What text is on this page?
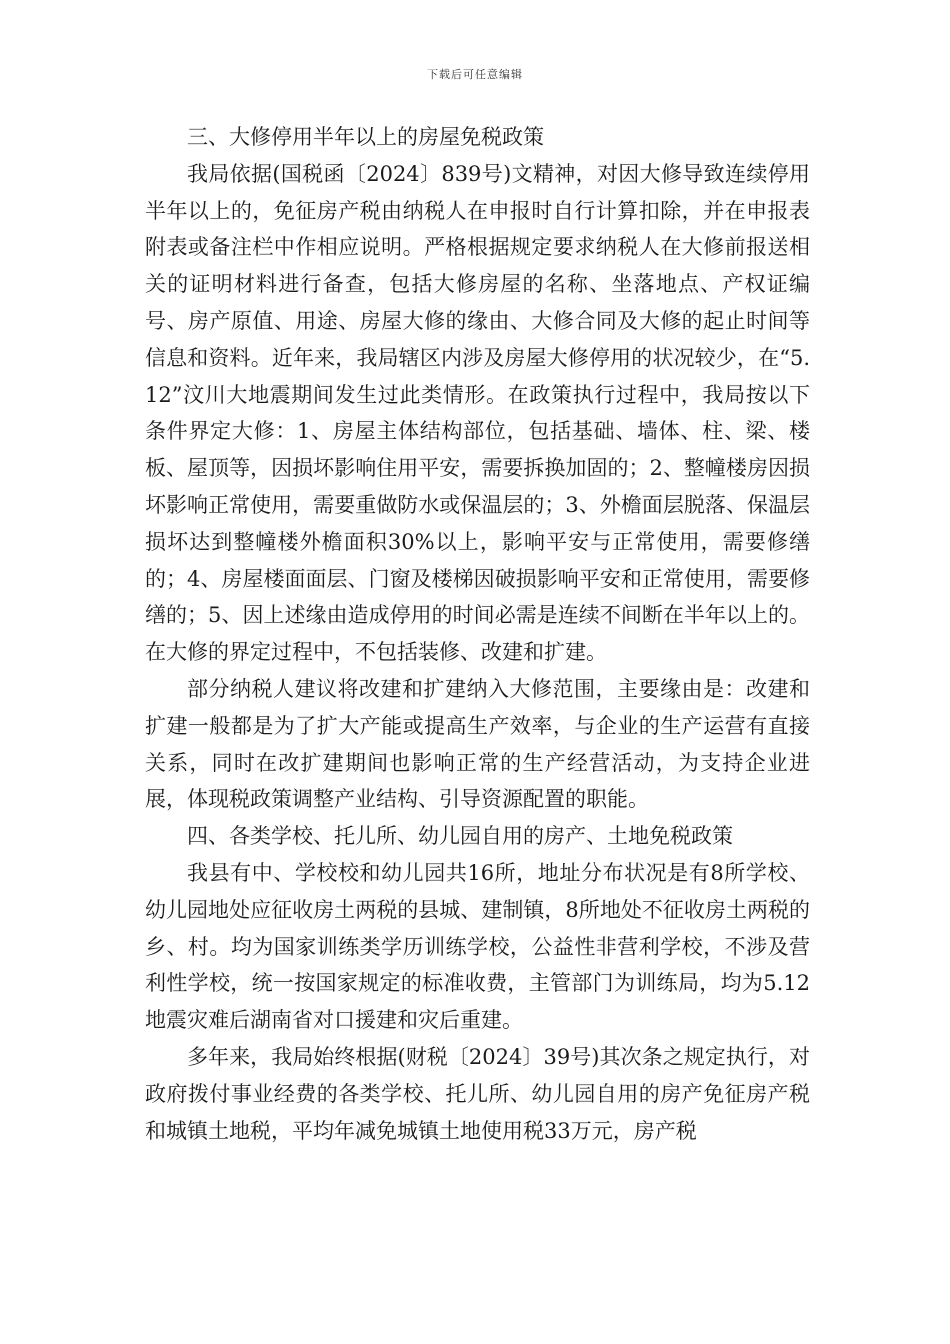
下载后可任意编辑

三、大修停用半年以上的房屋免税政策

我局依据(国税函〔2024〕839号)文精神，对因大修导致连续停用半年以上的，免征房产税由纳税人在申报时自行计算扣除，并在申报表附表或备注栏中作相应说明。严格根据规定要求纳税人在大修前报送相关的证明材料进行备查，包括大修房屋的名称、坐落地点、产权证编号、房产原值、用途、房屋大修的缘由、大修合同及大修的起止时间等信息和资料。近年来，我局辖区内涉及房屋大修停用的状况较少，在“5.12”汶川大地震期间发生过此类情形。在政策执行过程中，我局按以下条件界定大修：1、房屋主体结构部位，包括基础、墙体、柱、梁、楼板、屋顶等，因损坏影响住用平安，需要拆换加固的；2、整幢楼房因损坏影响正常使用，需要重做防水或保温层的；3、外檐面层脱落、保温层损坏达到整幢楼外檐面积30%以上，影响平安与正常使用，需要修缮的；4、房屋楼面面层、门窗及楼梯因破损影响平安和正常使用，需要修缮的；5、因上述缘由造成停用的时间必需是连续不间断在半年以上的。在大修的界定过程中，不包括装修、改建和扩建。

部分纳税人建议将改建和扩建纳入大修范围，主要缘由是：改建和扩建一般都是为了扩大产能或提高生产效率，与企业的生产运营有直接关系，同时在改扩建期间也影响正常的生产经营活动，为支持企业进展，体现税政策调整产业结构、引导资源配置的职能。

四、各类学校、托儿所、幼儿园自用的房产、土地免税政策

我县有中、学校校和幼儿园共16所，地址分布状况是有8所学校、幼儿园地处应征收房土两税的县城、建制镇，8所地处不征收房土两税的乡、村。均为国家训练类学历训练学校，公益性非营利学校，不涉及营利性学校，统一按国家规定的标准收费，主管部门为训练局，均为5.12地震灾难后湖南省对口援建和灾后重建。

多年来，我局始终根据(财税〔2024〕39号)其次条之规定执行，对政府拨付事业经费的各类学校、托儿所、幼儿园自用的房产免征房产税和城镇土地税，平均年减免城镇土地使用税33万元，房产税
